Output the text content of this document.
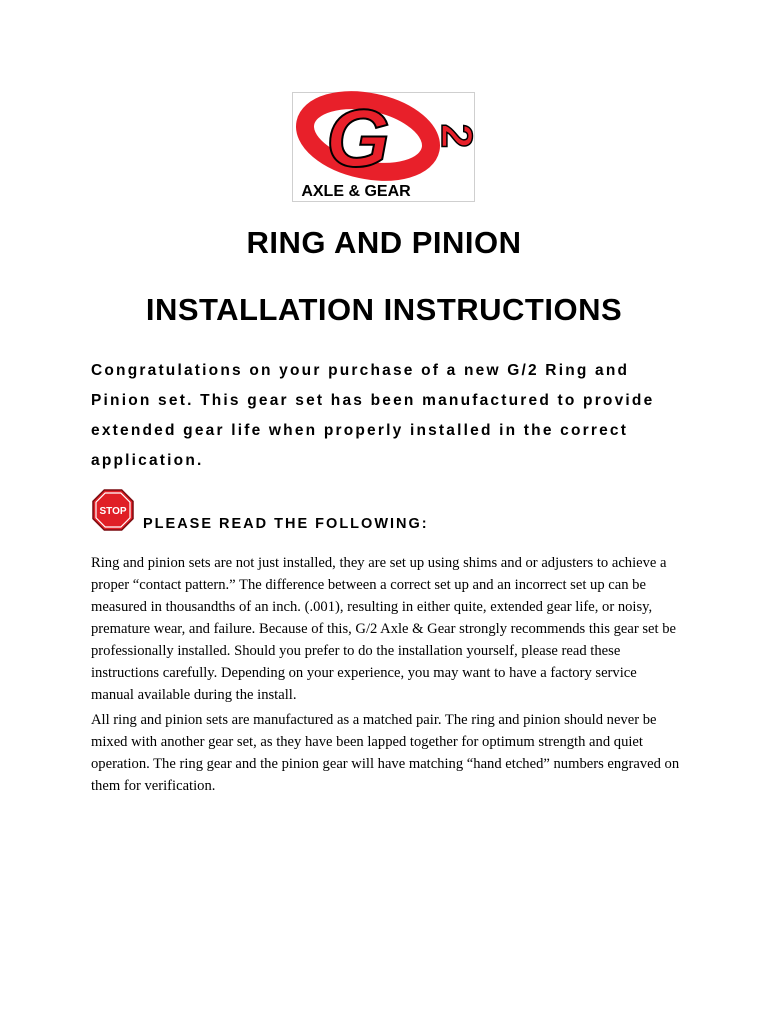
G 2
AXLE & GEAR
RING AND PINION
INSTALLATION INSTRUCTIONS

Congratulations on your purchase of a new G/2 Ring and Pinion set. This gear set has been manufactured to provide extended gear life when properly installed in the correct application.

STOP

PLEASE READ THE FOLLOWING:

Ring and pinion sets are not just installed, they are set up using shims and or adjusters to achieve a proper “contact pattern.” The difference between a correct set up and an incorrect set up can be measured in thousandths of an inch. (.001), resulting in either quite, extended gear life, or noisy, premature wear, and failure. Because of this, G/2 Axle & Gear strongly recommends this gear set be professionally installed. Should you prefer to do the installation yourself, please read these instructions carefully. Depending on your experience, you may want to have a factory service manual available during the install.

All ring and pinion sets are manufactured as a matched pair. The ring and pinion should never be mixed with another gear set, as they have been lapped together for optimum strength and quiet operation. The ring gear and the pinion gear will have matching “hand etched” numbers engraved on them for verification.
